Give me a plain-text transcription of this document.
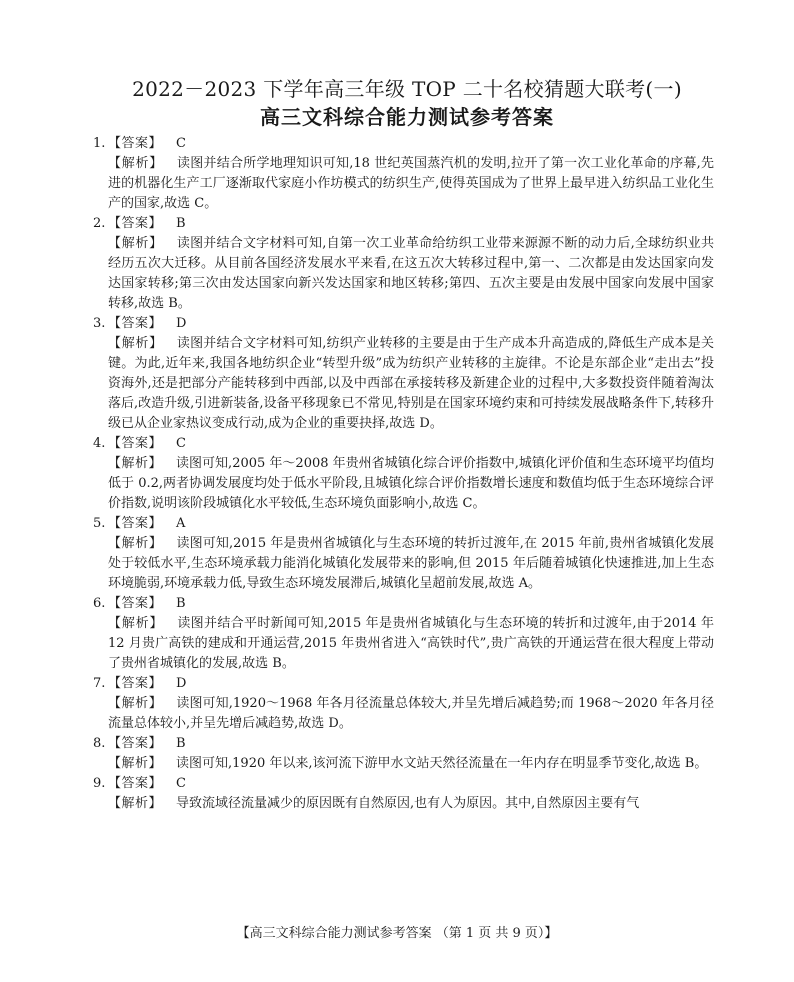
2022－2023 下学年高三年级 TOP 二十名校猜题大联考(一)
高三文科综合能力测试参考答案
1. 【答案】 C

【解析】 读图并结合所学地理知识可知,18 世纪英国蒸汽机的发明,拉开了第一次工业化革命的序幕,先进的机器化生产工厂逐渐取代家庭小作坊模式的纺织生产,使得英国成为了世界上最早进入纺织品工业化生产的国家,故选 C。

2. 【答案】 B

【解析】 读图并结合文字材料可知,自第一次工业革命给纺织工业带来源源不断的动力后,全球纺织业共经历五次大迁移。从目前各国经济发展水平来看,在这五次大转移过程中,第一、二次都是由发达国家向发达国家转移;第三次由发达国家向新兴发达国家和地区转移;第四、五次主要是由发展中国家向发展中国家转移,故选 B。

3. 【答案】 D

【解析】 读图并结合文字材料可知,纺织产业转移的主要是由于生产成本升高造成的,降低生产成本是关键。为此,近年来,我国各地纺织企业“转型升级”成为纺织产业转移的主旋律。不论是东部企业“走出去”投资海外,还是把部分产能转移到中西部,以及中西部在承接转移及新建企业的过程中,大多数投资伴随着淘汰落后,改造升级,引进新装备,设备平移现象已不常见,特别是在国家环境约束和可持续发展战略条件下,转移升级已从企业家热议变成行动,成为企业的重要抉择,故选 D。

4. 【答案】 C

【解析】 读图可知,2005 年～2008 年贵州省城镇化综合评价指数中,城镇化评价值和生态环境平均值均低于 0.2,两者协调发展度均处于低水平阶段,且城镇化综合评价指数增长速度和数值均低于生态环境综合评价指数,说明该阶段城镇化水平较低,生态环境负面影响小,故选 C。

5. 【答案】 A

【解析】 读图可知,2015 年是贵州省城镇化与生态环境的转折过渡年,在 2015 年前,贵州省城镇化发展处于较低水平,生态环境承载力能消化城镇化发展带来的影响,但 2015 年后随着城镇化快速推进,加上生态环境脆弱,环境承载力低,导致生态环境发展滞后,城镇化呈超前发展,故选 A。

6. 【答案】 B

【解析】 读图并结合平时新闻可知,2015 年是贵州省城镇化与生态环境的转折和过渡年,由于2014 年 12 月贵广高铁的建成和开通运营,2015 年贵州省进入“高铁时代”,贵广高铁的开通运营在很大程度上带动了贵州省城镇化的发展,故选 B。

7. 【答案】 D

【解析】 读图可知,1920～1968 年各月径流量总体较大,并呈先增后减趋势;而 1968～2020 年各月径流量总体较小,并呈先增后减趋势,故选 D。

8. 【答案】 B

【解析】 读图可知,1920 年以来,该河流下游甲水文站天然径流量在一年内存在明显季节变化,故选 B。

9. 【答案】 C

【解析】 导致流域径流量减少的原因既有自然原因,也有人为原因。其中,自然原因主要有气

【高三文科综合能力测试参考答案 （第 1 页 共 9 页）】
